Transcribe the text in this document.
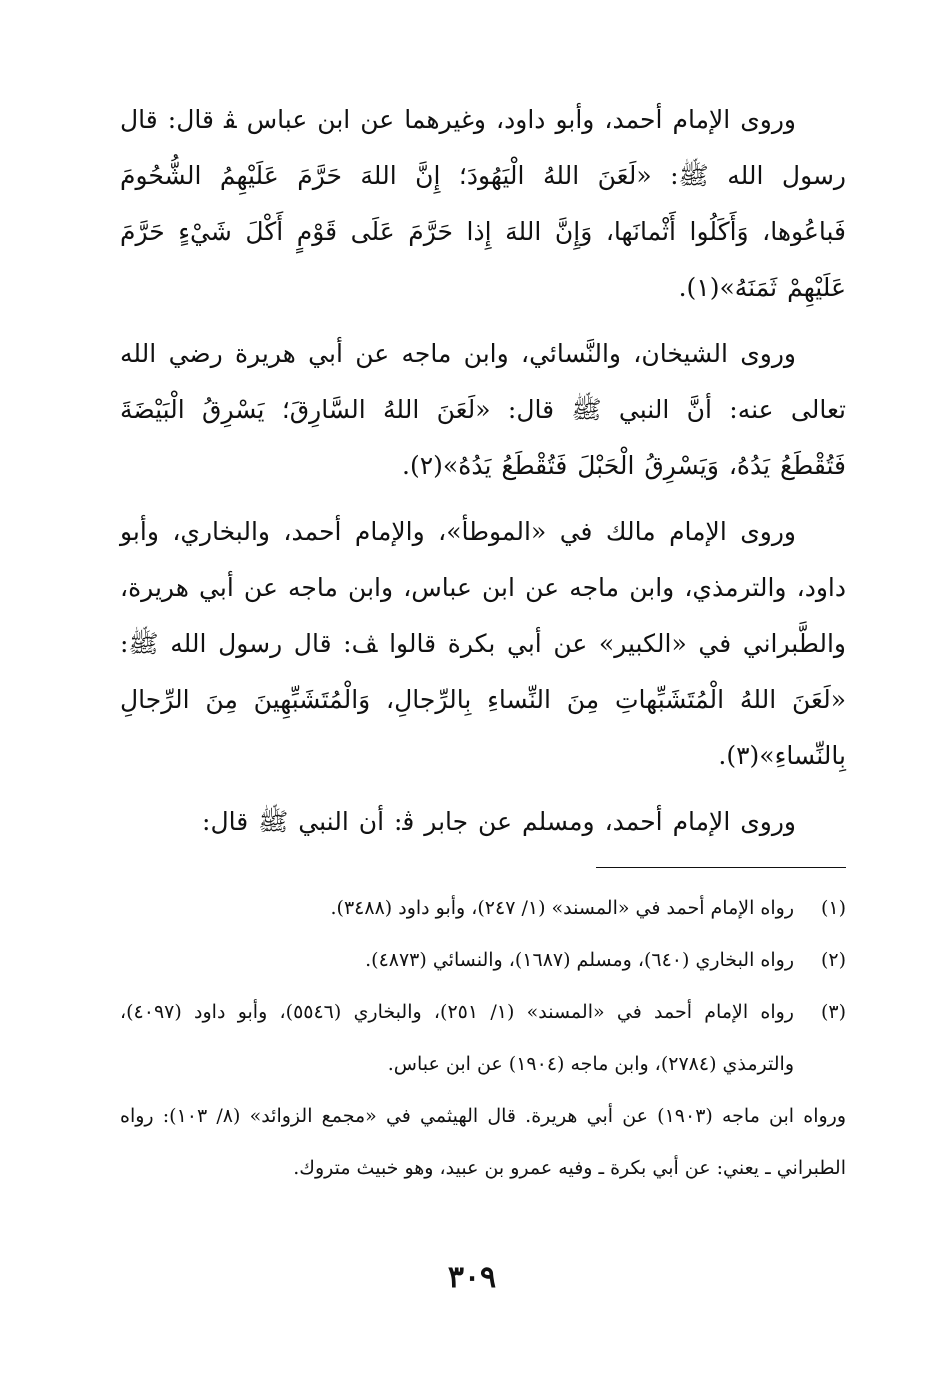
وروى الإمام أحمد، وأبو داود، وغيرهما عن ابن عباس ﭭ قال: قال رسول الله ﷺ: «لَعَنَ اللهُ الْيَهُودَ؛ إِنَّ اللهَ حَرَّمَ عَلَيْهِمُ الشُّحُومَ فَباعُوها، وَأَكَلُوا أَثْمانَها، وَإِنَّ اللهَ إِذا حَرَّمَ عَلَى قَوْمٍ أَكْلَ شَيْءٍ حَرَّمَ عَلَيْهِمْ ثَمَنَهُ»(١).

وروى الشيخان، والنَّسائي، وابن ماجه عن أبي هريرة رضي الله تعالى عنه: أنَّ النبي ﷺ قال: «لَعَنَ اللهُ السَّارِقَ؛ يَسْرِقُ الْبَيْضَةَ فَتُقْطَعُ يَدُهُ، وَيَسْرِقُ الْحَبْلَ فَتُقْطَعُ يَدُهُ»(٢).

وروى الإمام مالك في «الموطأ»، والإمام أحمد، والبخاري، وأبو داود، والترمذي، وابن ماجه عن ابن عباس، وابن ماجه عن أبي هريرة، والطَّبراني في «الكبير» عن أبي بكرة قالوا ﭫ: قال رسول الله ﷺ: «لَعَنَ اللهُ الْمُتَشَبِّهاتِ مِنَ النِّساءِ بِالرِّجالِ، وَالْمُتَشَبِّهِينَ مِنَ الرِّجالِ بِالنِّساءِ»(٣).

وروى الإمام أحمد، ومسلم عن جابر ﭬ: أن النبي ﷺ قال:

(١)
رواه الإمام أحمد في «المسند» (١/ ٢٤٧)، وأبو داود (٣٤٨٨).
(٢)
رواه البخاري (٦٤٠)، ومسلم (١٦٨٧)، والنسائي (٤٨٧٣).
(٣)
رواه الإمام أحمد في «المسند» (١/ ٢٥١)، والبخاري (٥٥٤٦)، وأبو داود (٤٠٩٧)، والترمذي (٢٧٨٤)، وابن ماجه (١٩٠٤) عن ابن عباس.

ورواه ابن ماجه (١٩٠٣) عن أبي هريرة. قال الهيثمي في «مجمع الزوائد» (٨/ ١٠٣): رواه الطبراني ـ يعني: عن أبي بكرة ـ وفيه عمرو بن عبيد، وهو خبيث متروك.

٣٠٩
